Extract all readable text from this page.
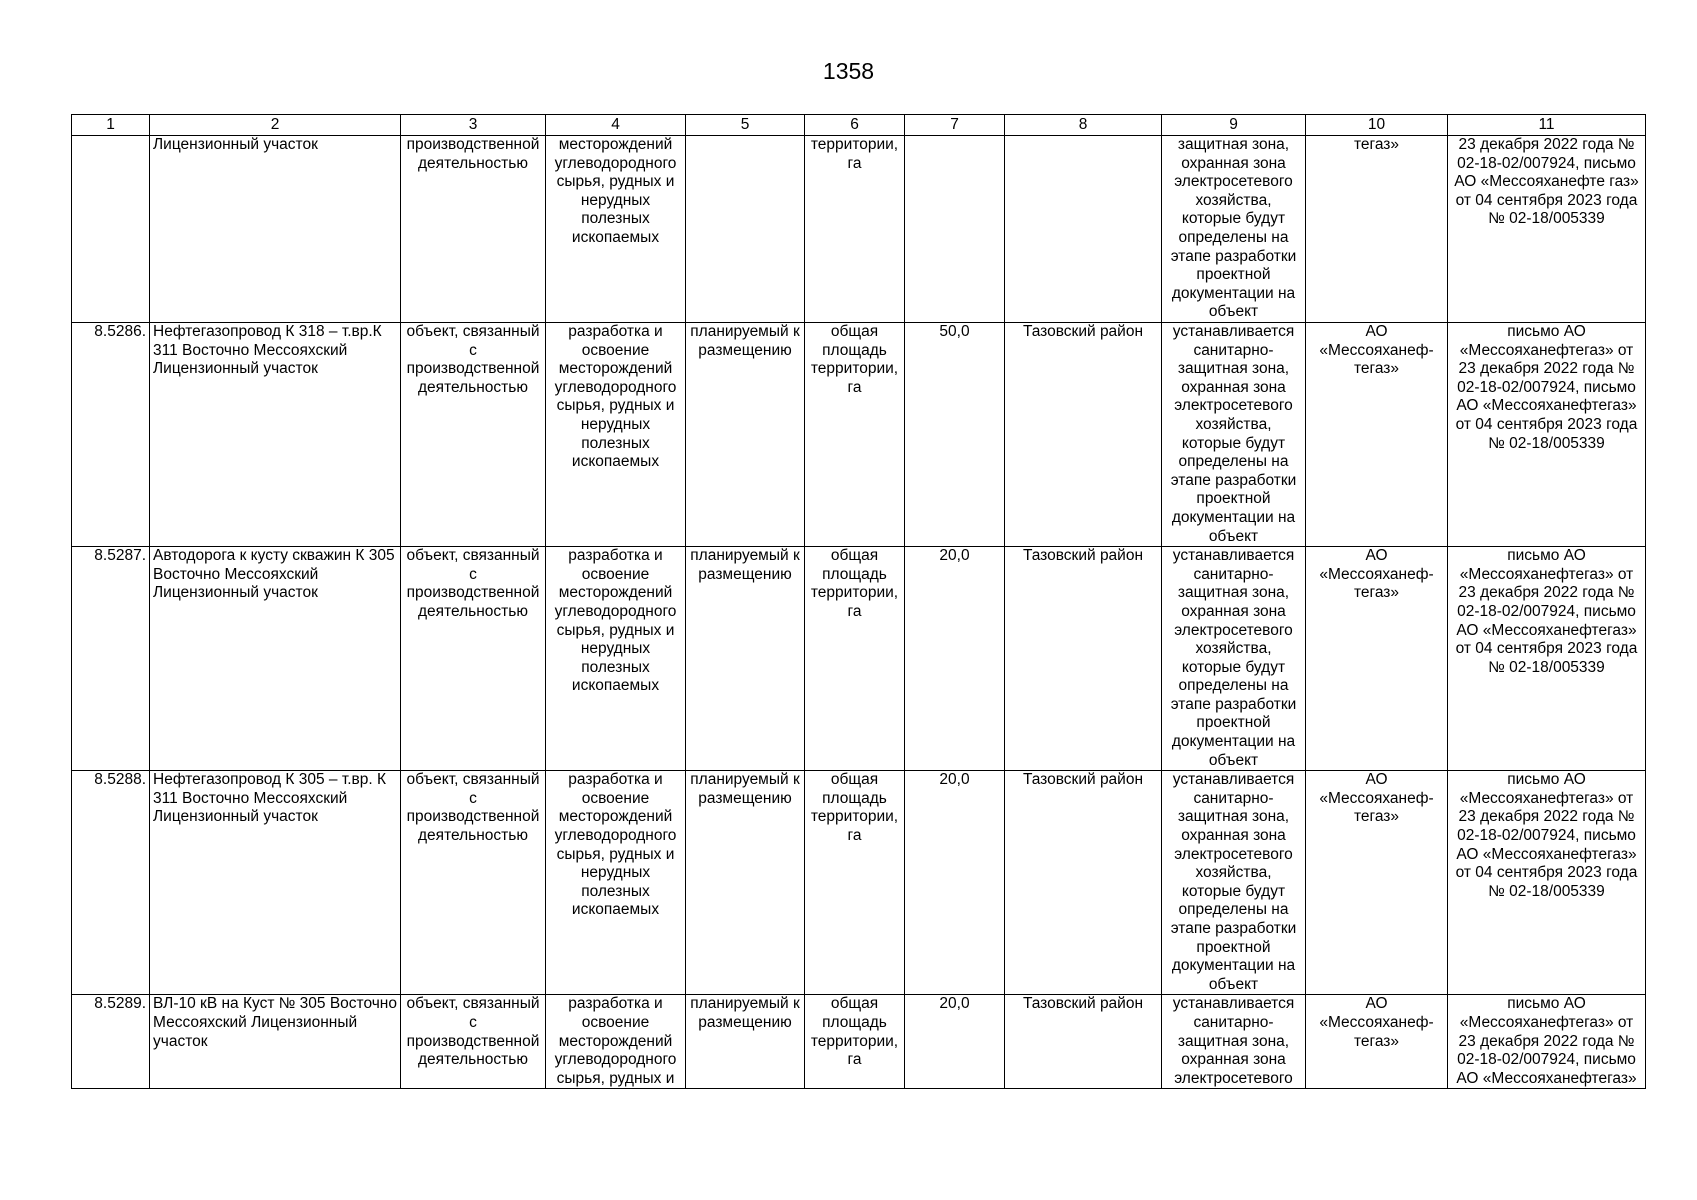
1358
1	2	3	4	5	6	7	8	9	10	11
	Лицензионный участок	производственной деятельностью	месторождений углеводородного сырья, рудных и нерудных полезных ископаемых		территории, га			защитная зона, охранная зона электросетевого хозяйства, которые будут определены на этапе разработки проектной документации на объект	тегаз»	23 декабря 2022 года № 02-18-02/007924, письмо АО «Мессояханефте газ» от 04 сентября 2023 года № 02-18/005339
8.5286.	Нефтегазопровод К 318 – т.вр.К 311 Восточно Мессояхский Лицензионный участок	объект, связанный с производственной деятельностью	разработка и освоение месторождений углеводородного сырья, рудных и нерудных полезных ископаемых	планируемый к размещению	общая площадь территории, га	50,0	Тазовский район	устанавливается санитарно-защитная зона, охранная зона электросетевого хозяйства, которые будут определены на этапе разработки проектной документации на объект	АО «Мессояханеф-тегаз»	письмо АО «Мессояханефтегаз» от 23 декабря 2022 года № 02-18-02/007924, письмо АО «Мессояханефтегаз» от 04 сентября 2023 года № 02-18/005339
8.5287.	Автодорога к кусту скважин К 305 Восточно Мессояхский Лицензионный участок	объект, связанный с производственной деятельностью	разработка и освоение месторождений углеводородного сырья, рудных и нерудных полезных ископаемых	планируемый к размещению	общая площадь территории, га	20,0	Тазовский район	устанавливается санитарно-защитная зона, охранная зона электросетевого хозяйства, которые будут определены на этапе разработки проектной документации на объект	АО «Мессояханеф-тегаз»	письмо АО «Мессояханефтегаз» от 23 декабря 2022 года № 02-18-02/007924, письмо АО «Мессояханефтегаз» от 04 сентября 2023 года № 02-18/005339
8.5288.	Нефтегазопровод К 305 – т.вр. К 311 Восточно Мессояхский Лицензионный участок	объект, связанный с производственной деятельностью	разработка и освоение месторождений углеводородного сырья, рудных и нерудных полезных ископаемых	планируемый к размещению	общая площадь территории, га	20,0	Тазовский район	устанавливается санитарно-защитная зона, охранная зона электросетевого хозяйства, которые будут определены на этапе разработки проектной документации на объект	АО «Мессояханеф-тегаз»	письмо АО «Мессояханефтегаз» от 23 декабря 2022 года № 02-18-02/007924, письмо АО «Мессояханефтегаз» от 04 сентября 2023 года № 02-18/005339
8.5289.	ВЛ-10 кВ на Куст № 305 Восточно Мессояхский Лицензионный участок	объект, связанный с производственной деятельностью	разработка и освоение месторождений углеводородного сырья, рудных и	планируемый к размещению	общая площадь территории, га	20,0	Тазовский район	устанавливается санитарно-защитная зона, охранная зона электросетевого	АО «Мессояханеф-тегаз»	письмо АО «Мессояханефтегаз» от 23 декабря 2022 года № 02-18-02/007924, письмо АО «Мессояханефтегаз»
